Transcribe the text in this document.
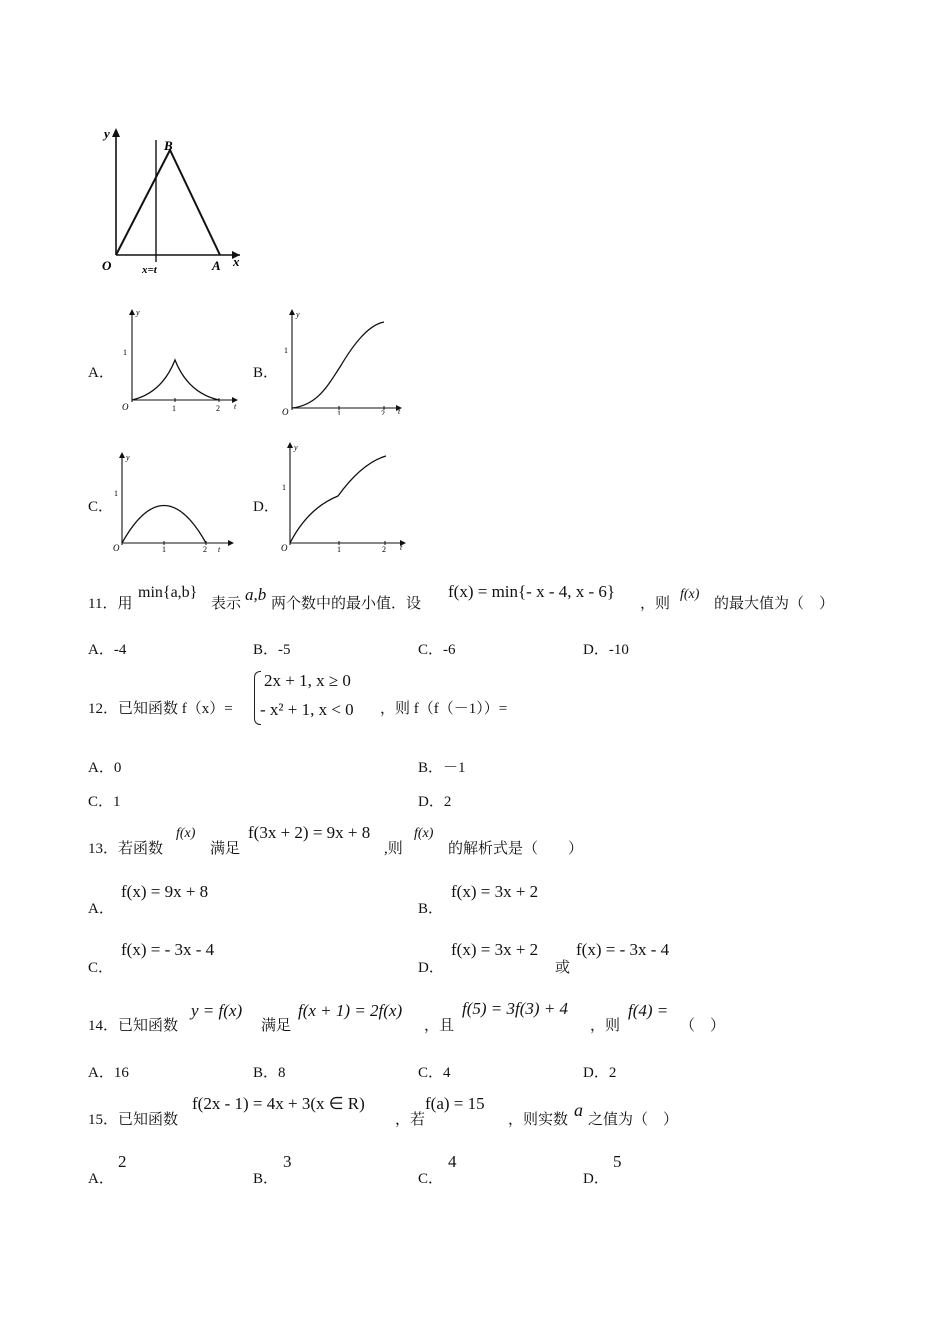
y
x
O
B
A
x=t
A．
y
1
O	1	2 t
B．
y
1
O	1	2 t
C．
y
1
O	1	2 t
D．
y
1
O	1	2 t
11．用
min{a,b}
表示 a,b 两个数中的最小值．设
f(x) = min{- x - 4, x - 6}
，则
f(x)
的最大值为（　）
A．-4	B．-5	C．-6	D．-10
12．已知函数 f（x）=
2x + 1, x ≥ 0
- x² + 1, x < 0 ，则 f（f（－1））=
A．0	B．－1
C．1	D．2
13．若函数
f(x)
满足
f(3x + 2) = 9x + 8
,则
f(x)
的解析式是（　　）
A．
f(x) = 9x + 8
B．
f(x) = 3x + 2
C．
f(x) = - 3x - 4
D．
f(x) = 3x + 2
或
f(x) = - 3x - 4
14．已知函数
y = f(x)
满足
f(x + 1) = 2f(x)
，且
f(5) = 3f(3) + 4
，则
f(4) =
（　）
A．16	B．8	C．4	D．2
15．已知函数
f(2x - 1) = 4x + 3(x ∈ R)
，若
f(a) = 15
，则实数 a 之值为（　）
A．
2
B．
3
C．
4
D．
5
